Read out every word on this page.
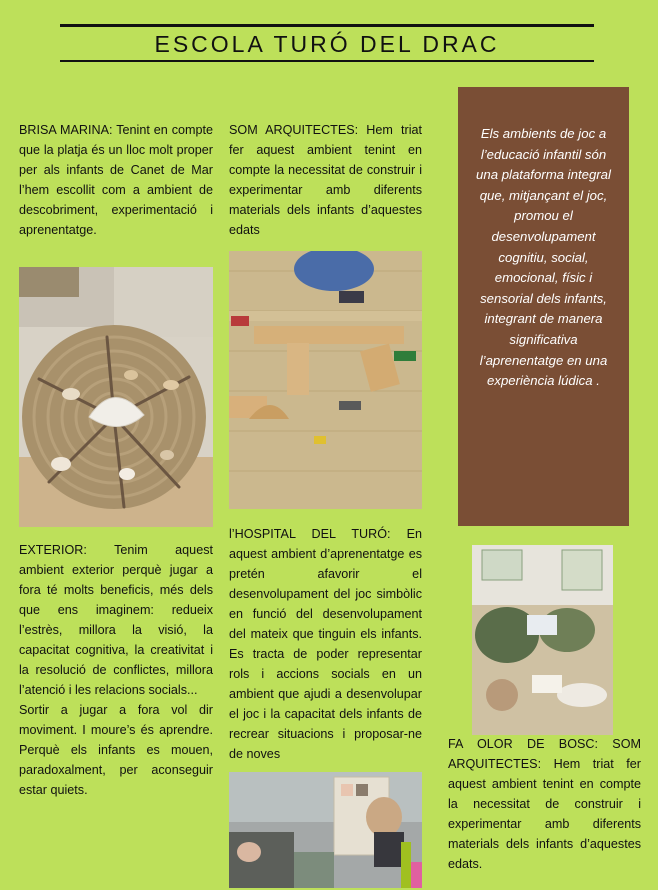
ESCOLA TURÓ DEL DRAC

BRISA MARINA: Tenint en compte que la platja és un lloc molt proper per als infants de Canet de Mar l’hem escollit com a ambient de descobriment, experimentació i aprenentatge.

SOM ARQUITECTES: Hem triat fer aquest ambient tenint en compte la necessitat de construir i experimentar amb diferents materials dels infants d’aquestes edats

Els ambients de joc a l’educació infantil són una plataforma integral que, mitjançant el joc, promou el desenvolupament cognitiu, social, emocional, físic i sensorial dels infants, integrant de manera significativa l’aprenentatge en una experiència lúdica .

EXTERIOR: Tenim aquest ambient exterior perquè jugar a fora té molts beneficis, més dels que ens imaginem: redueix l’estrès, millora la visió, la capacitat cognitiva, la creativitat i la resolució de conflictes, millora l’atenció i les relacions socials...

Sortir a jugar a fora vol dir moviment. I moure’s és aprendre. Perquè els infants es mouen, paradoxalment, per aconseguir estar quiets.

l’HOSPITAL DEL TURÓ: En aquest ambient d’aprenentatge es pretén afavorir el desenvolupament del joc simbòlic en funció del desenvolupament del mateix que tinguin els infants. Es tracta de poder representar rols i accions socials en un ambient que ajudi a desenvolupar el joc i la capacitat dels infants de recrear situacions i proposar-ne de noves

FA OLOR DE BOSC: SOM ARQUITECTES: Hem triat fer aquest ambient tenint en compte la necessitat de construir i experimentar amb diferents materials dels infants d’aquestes edats.
